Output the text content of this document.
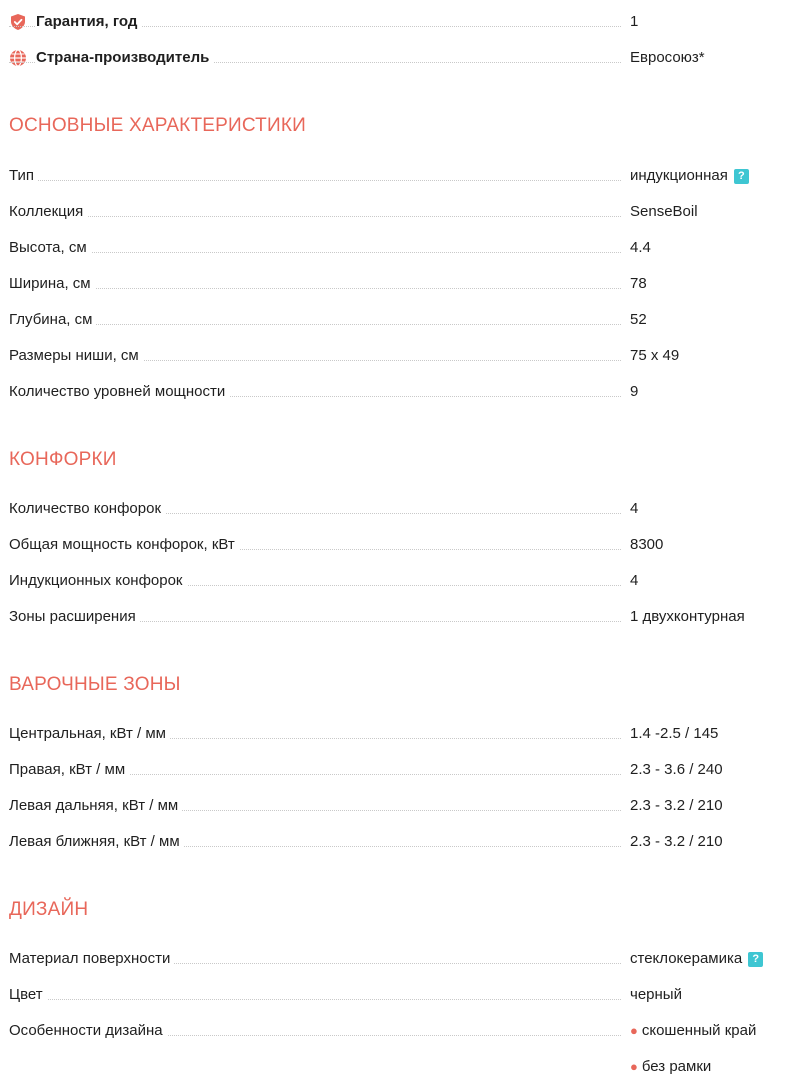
Гарантия, год	1
Страна-производитель	Евросоюз*
ОСНОВНЫЕ ХАРАКТЕРИСТИКИ
Тип	индукционная ?
Коллекция	SenseBoil
Высота, см	4.4
Ширина, см	78
Глубина, см	52
Размеры ниши, см	75 x 49
Количество уровней мощности	9
КОНФОРКИ
Количество конфорок	4
Общая мощность конфорок, кВт	8300
Индукционных конфорок	4
Зоны расширения	1 двухконтурная
ВАРОЧНЫЕ ЗОНЫ
Центральная, кВт / мм	1.4 -2.5 / 145
Правая, кВт / мм	2.3 - 3.6 / 240
Левая дальняя, кВт / мм	2.3 - 3.2 / 210
Левая ближняя, кВт / мм	2.3 - 3.2 / 210
ДИЗАЙН
Материал поверхности	стеклокерамика ?
Цвет	черный
Особенности дизайна	● скошенный край
● без рамки
